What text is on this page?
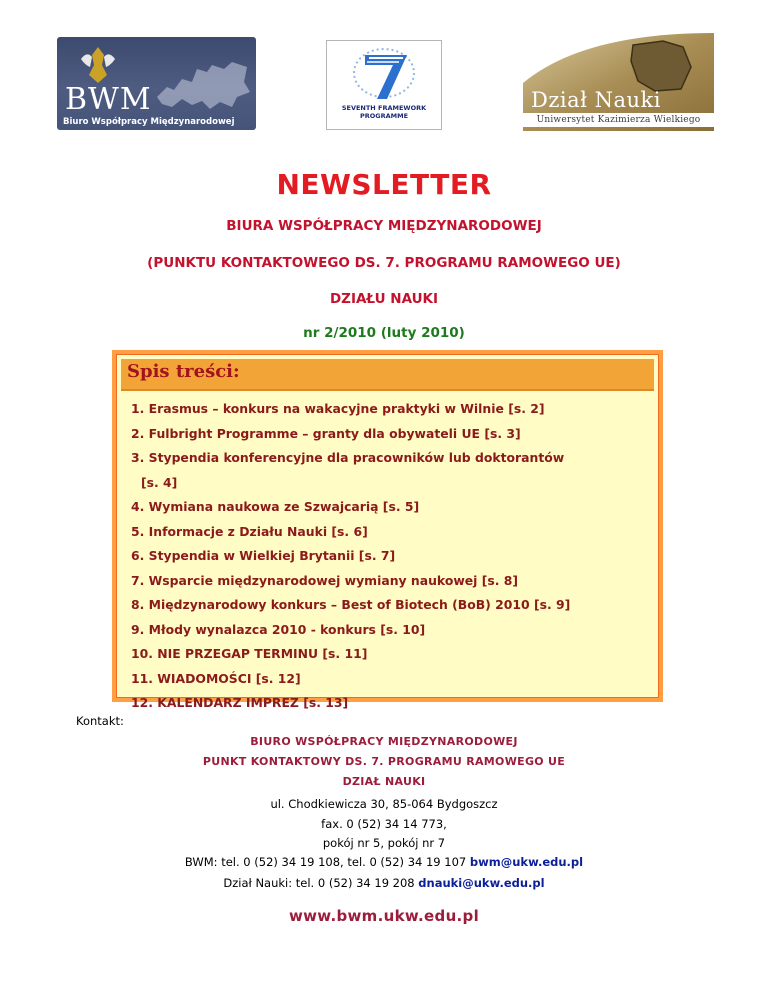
BWM
Biuro Współpracy Międzynarodowej
SEVENTH FRAMEWORK
PROGRAMME
Dział Nauki
Uniwersytet Kazimierza Wielkiego
NEWSLETTER
BIURA WSPÓŁPRACY MIĘDZYNARODOWEJ
(PUNKTU KONTAKTOWEGO DS. 7. PROGRAMU RAMOWEGO UE)
DZIAŁU NAUKI
nr 2/2010 (luty 2010)
Spis treści:
1. Erasmus – konkurs na wakacyjne praktyki w Wilnie [s. 2]
2. Fulbright Programme – granty dla obywateli UE [s. 3]
3. Stypendia konferencyjne dla pracowników lub doktorantów
[s. 4]
4. Wymiana naukowa ze Szwajcarią [s. 5]
5. Informacje z Działu Nauki [s. 6]
6. Stypendia w Wielkiej Brytanii [s. 7]
7. Wsparcie międzynarodowej wymiany naukowej [s. 8]
8. Międzynarodowy konkurs – Best of Biotech (BoB) 2010 [s. 9]
9. Młody wynalazca 2010 - konkurs [s. 10]
10. NIE PRZEGAP TERMINU [s. 11]
11. WIADOMOŚCI [s. 12]
12. KALENDARZ IMPREZ [s. 13]
Kontakt:
BIURO WSPÓŁPRACY MIĘDZYNARODOWEJ
PUNKT KONTAKTOWY DS. 7. PROGRAMU RAMOWEGO UE
DZIAŁ NAUKI
ul. Chodkiewicza 30, 85-064 Bydgoszcz
fax. 0 (52) 34 14 773,
pokój nr 5, pokój nr 7
BWM: tel. 0 (52) 34 19 108, tel. 0 (52) 34 19 107 bwm@ukw.edu.pl
Dział Nauki: tel. 0 (52) 34 19 208 dnauki@ukw.edu.pl
www.bwm.ukw.edu.pl
